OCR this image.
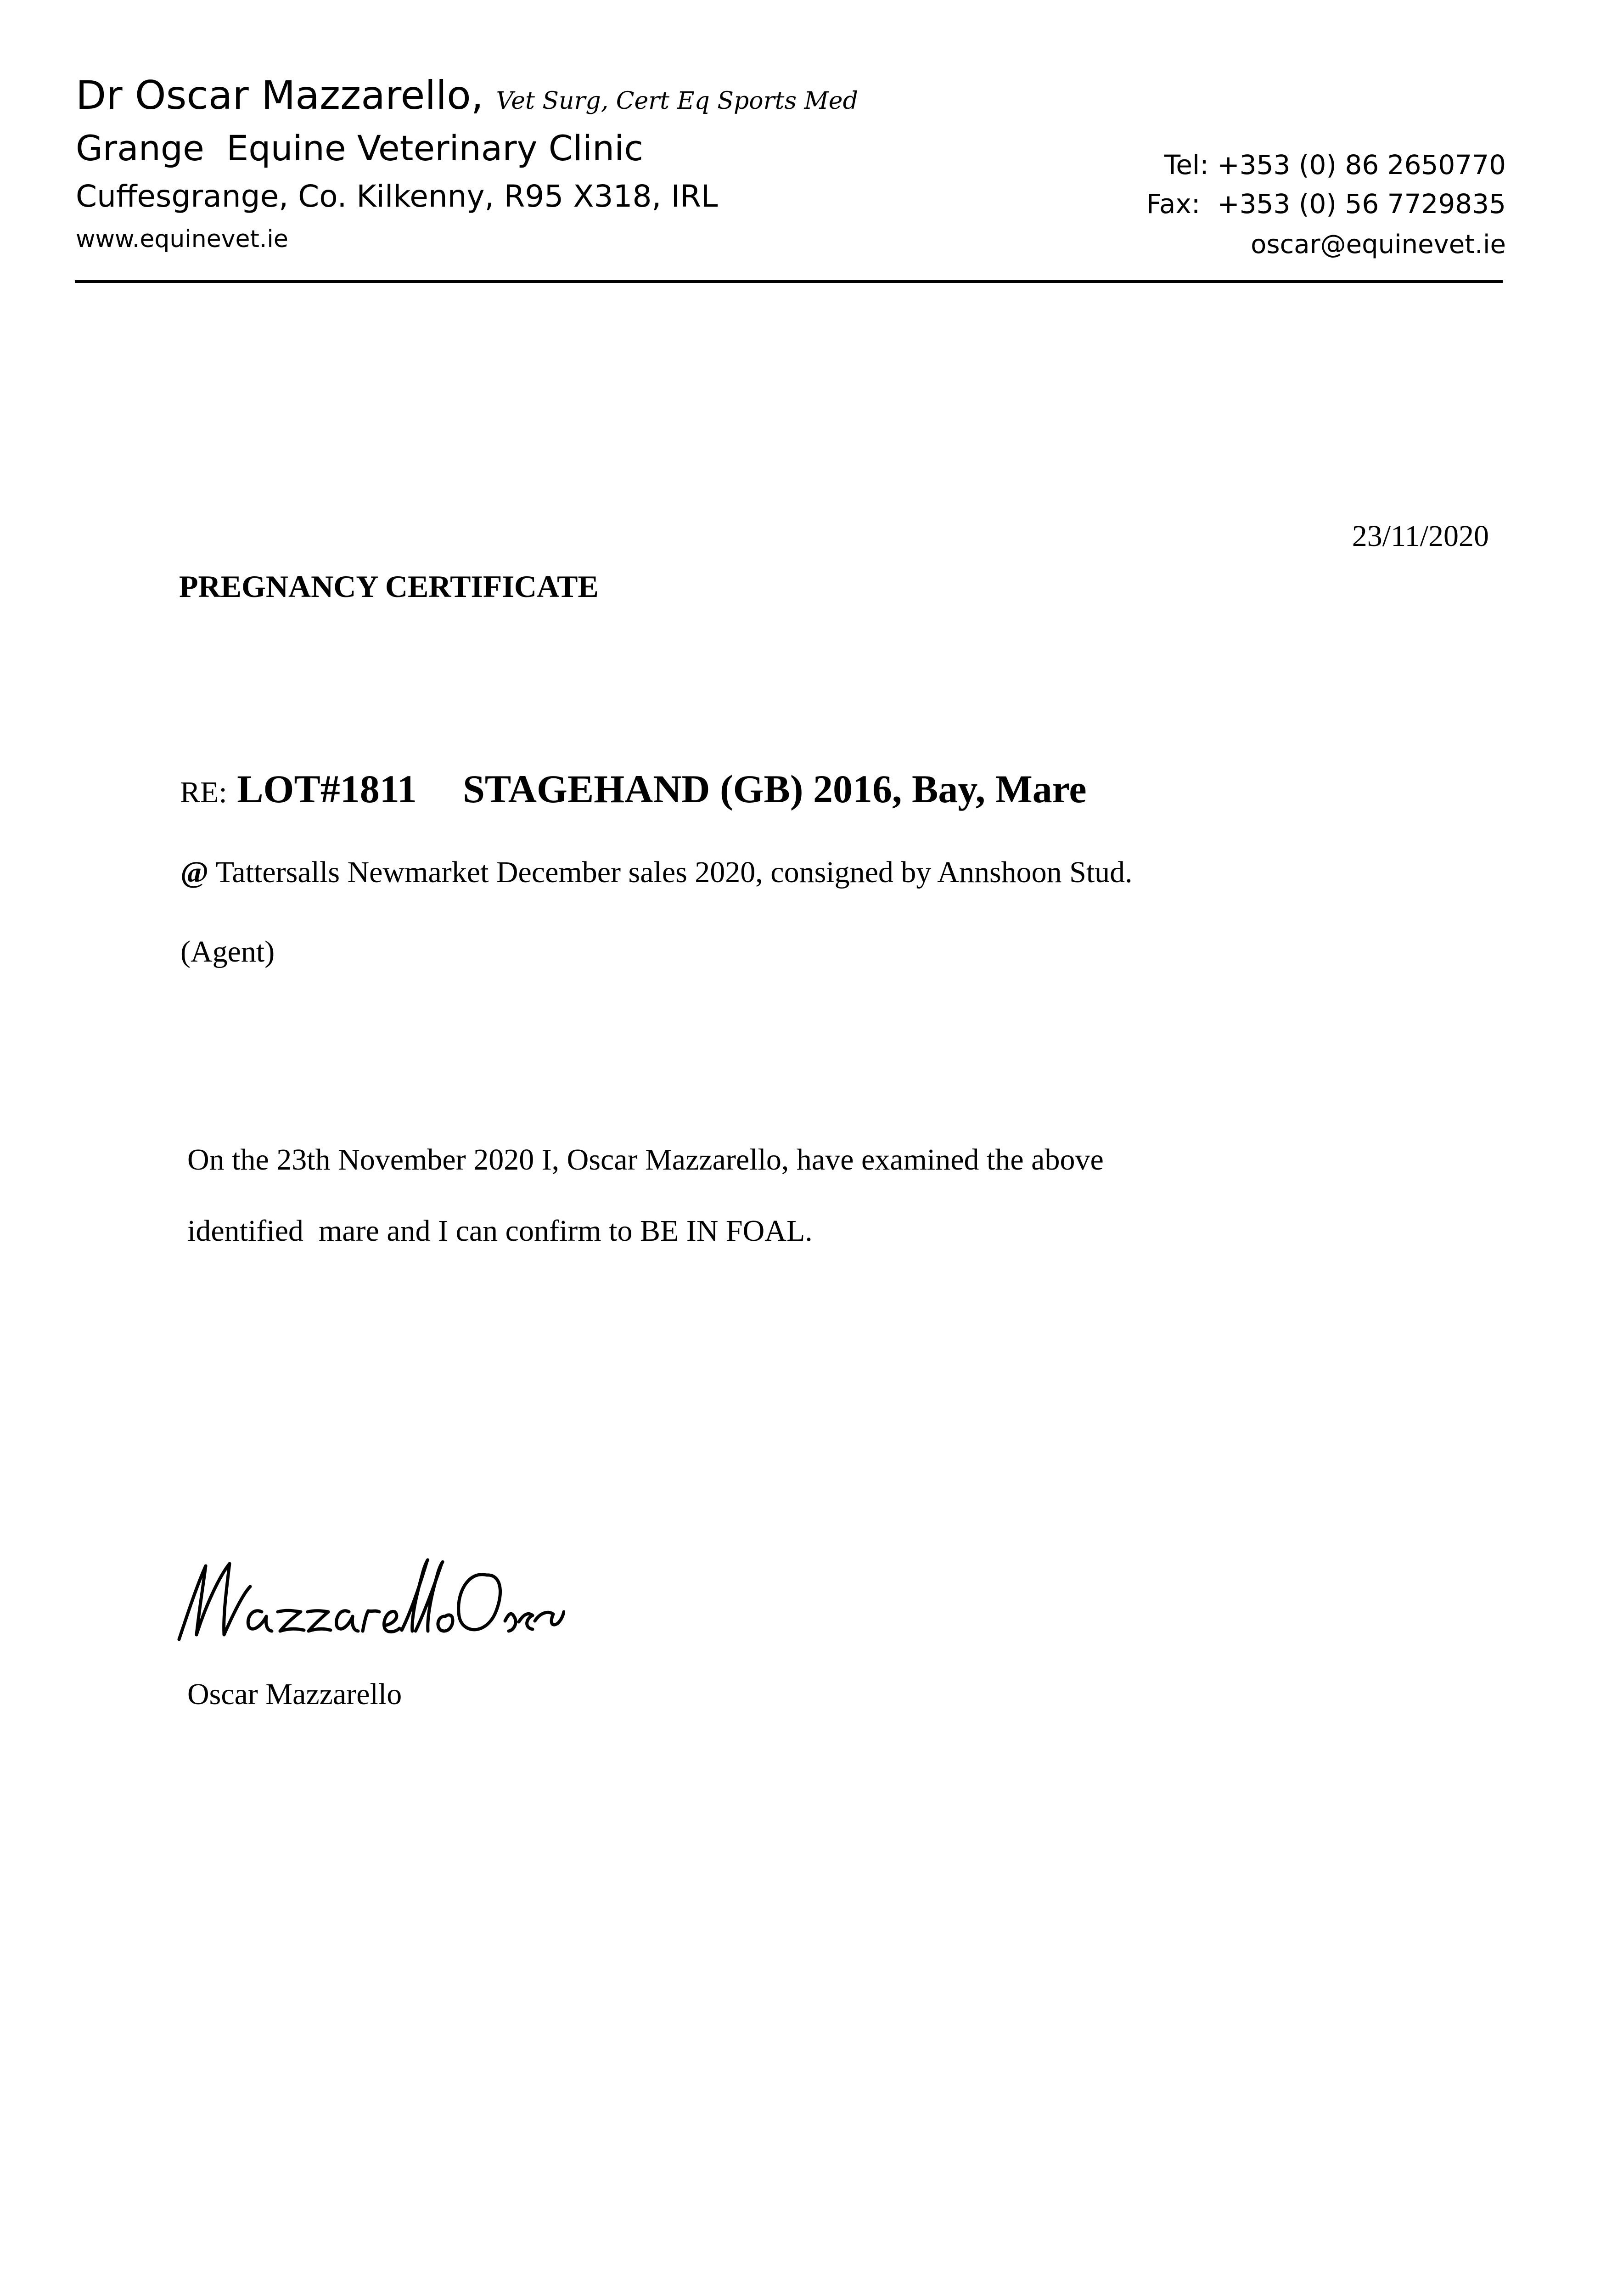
Dr Oscar Mazzarello, Vet Surg, Cert Eq Sports Med
Grange  Equine Veterinary Clinic
Cuffesgrange, Co. Kilkenny, R95 X318, IRL
www.equinevet.ie
Tel: +353 (0) 86 2650770
Fax:  +353 (0) 56 7729835
oscar@equinevet.ie
23/11/2020
PREGNANCY CERTIFICATE
RE: LOT#1811 STAGEHAND (GB) 2016, Bay, Mare
@ Tattersalls Newmarket December sales 2020, consigned by Annshoon Stud.
(Agent)
On the 23th November 2020 I, Oscar Mazzarello, have examined the above
identified  mare and I can confirm to BE IN FOAL.
Oscar Mazzarello
